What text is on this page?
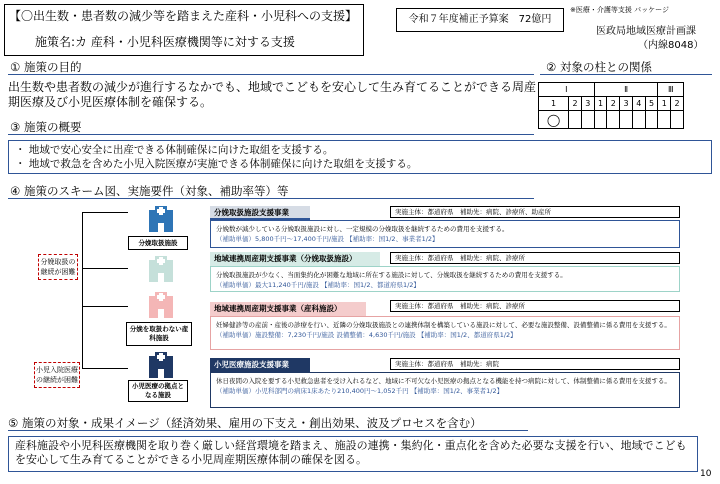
【〇出生数・患者数の減少等を踏まえた産科・小児科への支援】
施策名:カ 産科・小児科医療機関等に対する支援
令和７年度補正予算案　72億円
※医療・介護等支援 パッケージ
医政局地域医療計画課
（内線8048）
① 施策の目的
出生数や患者数の減少が進行するなかでも、地域でこどもを安心して生み育てることができる周産期医療及び小児医療体制を確保する。
② 対象の柱との関係
Ⅰ			Ⅱ					Ⅲ	
1	2	3	1	2	3	4	5	1	2
◯									
③ 施策の概要
・ 地域で安心安全に出産できる体制確保に向けた取組を支援する。
・ 地域で救急を含めた小児入院医療が実施できる体制確保に向けた取組を支援する。
④ 施策のスキーム図、実施要件（対象、補助率等）等
分娩取扱の継続が困難
小児入院医療の継続が困難
分娩取扱施設
分娩を取扱わない産科施設
小児医療の拠点となる施設
分娩取扱施設支援事業	実施主体：都道府県　補助先：病院、診療所、助産所
分娩数が減少している分娩取扱施設に対し、一定規模の分娩取扱を継続するための費用を支援する。
（補助単価）5,800千円～17,400千円/施設 【補助率：国1/2、事業者1/2】
地域連携周産期支援事業（分娩取扱施設）	実施主体：都道府県　補助先：病院、診療所
分娩取扱施設が少なく、当面集約化が困難な地域に所在する施設に対して、分娩取扱を継続するための費用を支援する。
（補助単価）最大11,240千円/施設 【補助率：国1/2、都道府県1/2】
地域連携周産期支援事業（産科施設）	実施主体：都道府県　補助先：病院、診療所
妊婦健診等の産前・産後の診療を行い、近隣の分娩取扱施設との連携体制を構築している施設に対して、必要な施設整備、設備整備に係る費用を支援する。
（補助単価）施設整備：7,230千円/施設 設備整備：4,630千円/施設 【補助率：国1/2、都道府県1/2】
小児医療施設支援事業	実施主体：都道府県　補助先：病院
休日夜間の入院を要する小児救急患者を受け入れるなど、地域に不可欠な小児医療の拠点となる機能を持つ病院に対して、体制整備に係る費用を支援する。
（補助単価）小児科部門の病床1床あたり210,400円～1,052千円 【補助率：国1/2、事業者1/2】
⑤ 施策の対象・成果イメージ（経済効果、雇用の下支え・創出効果、波及プロセスを含む）
産科施設や小児科医療機関を取り巻く厳しい経営環境を踏まえ、施設の連携・集約化・重点化を含めた必要な支援を行い、地域でこどもを安心して生み育てることができる小児周産期医療体制の確保を図る。
10
